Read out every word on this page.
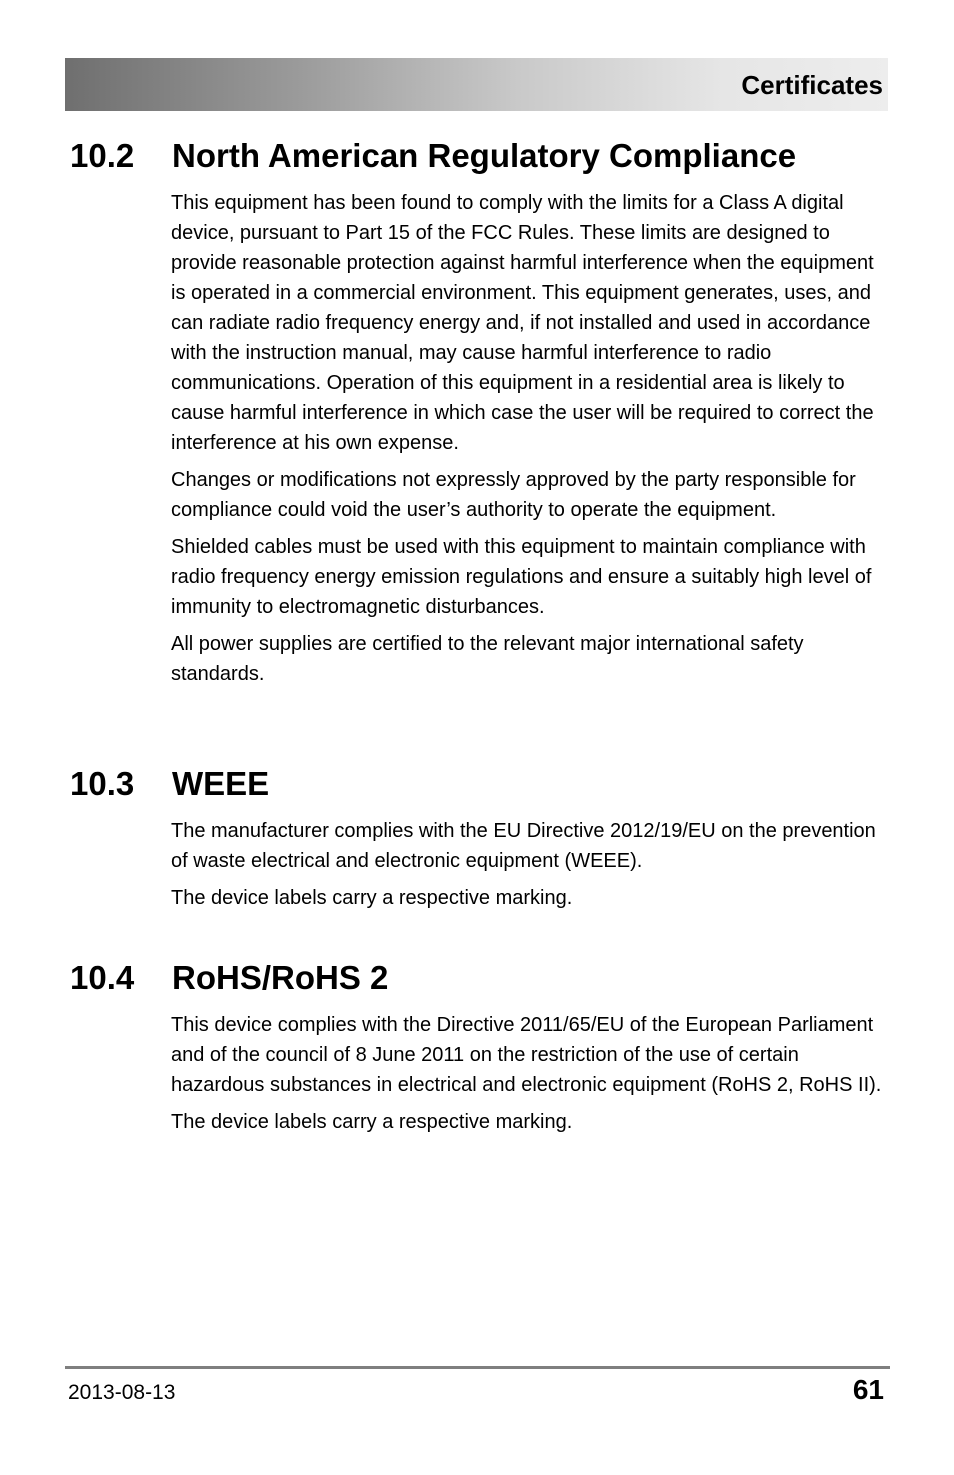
Certificates
10.2 North American Regulatory Compliance

This equipment has been found to comply with the limits for a Class A digital device, pursuant to Part 15 of the FCC Rules. These limits are designed to provide reasonable protection against harmful interference when the equipment is operated in a commercial environment. This equipment generates, uses, and can radiate radio frequency energy and, if not installed and used in accordance with the instruction manual, may cause harmful interference to radio communications. Operation of this equipment in a residential area is likely to cause harmful interference in which case the user will be required to correct the interference at his own expense.

Changes or modifications not expressly approved by the party responsible for compliance could void the user’s authority to operate the equipment.

Shielded cables must be used with this equipment to maintain compliance with radio frequency energy emission regulations and ensure a suitably high level of immunity to electromagnetic disturbances.

All power supplies are certified to the relevant major international safety standards.

10.3 WEEE

The manufacturer complies with the EU Directive 2012/19/EU on the prevention of waste electrical and electronic equipment (WEEE).

The device labels carry a respective marking.

10.4 RoHS/RoHS 2

This device complies with the Directive 2011/65/EU of the European Parliament and of the council of 8 June 2011 on the restriction of the use of certain hazardous substances in electrical and electronic equipment (RoHS 2, RoHS II).

The device labels carry a respective marking.

2013-08-13	61
